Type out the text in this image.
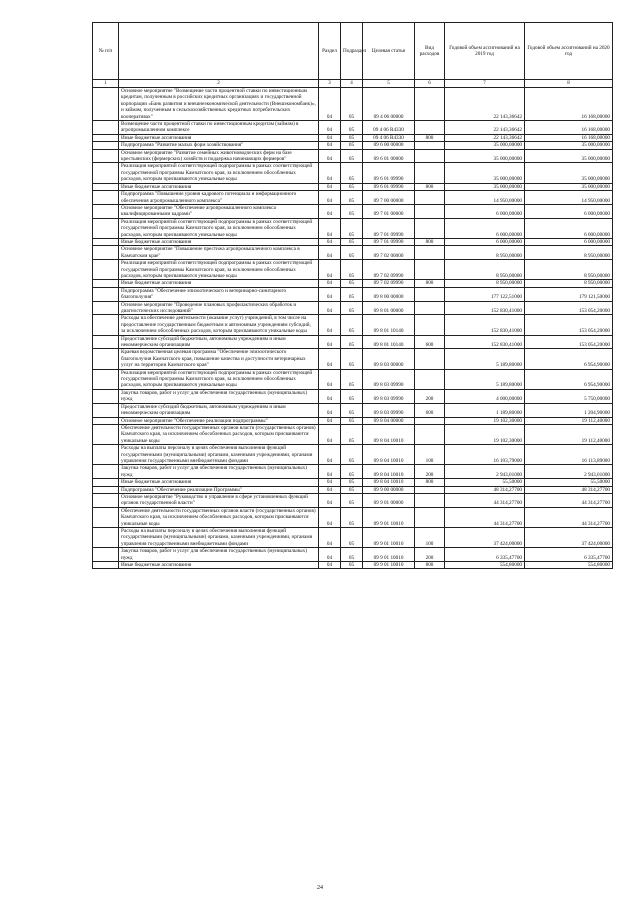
№ п/п		Раздел	Подраздел	Целевая статья	Вид расходов	Годовой объем ассигнований на 2019 год	Годовой объем ассигнований на 2020 год
1	2	3	4	5	6	7	8
	Основное мероприятие "Возмещение части процентной ставки по инвестиционным кредитам, полученным в российских кредитных организациях и государственной корпорации «Банк развития и внешнеэкономической деятельности (Внешэкономбанк)», и займам, полученным в сельскохозяйственных кредитных потребительских кооперативах"	04	05	09 4 06 00000		22 143,36642	16 168,00000
	Возмещение части процентной ставки по инвестиционным кредитам (займам) в агропромышленном комплексе	04	05	09 4 06 R4330		22 143,36642	16 168,00000
	Иные бюджетные ассигнования	04	05	09 4 06 R4330	800	22 143,36642	16 168,00000
	Подпрограмма "Развитие малых форм хозяйствования"	04	05	09 6 00 00000		35 000,00000	35 000,00000
	Основное мероприятие "Развитие семейных животноводческих ферм на базе крестьянских (фермерских) хозяйств и поддержка начинающих фермеров"	04	05	09 6 01 00000		35 000,00000	35 000,00000
	Реализация мероприятий соответствующей подпрограммы в рамках соответствующей государственной программы Камчатского края, за исключением обособленных расходов, которым присваиваются уникальные коды	04	05	09 6 01 09990		35 000,00000	35 000,00000
	Иные бюджетные ассигнования	04	05	09 6 01 09990	800	35 000,00000	35 000,00000
	Подпрограмма "Повышение уровня кадрового потенциала и информационного обеспечения агропромышленного комплекса"	04	05	09 7 00 00000		14 950,00000	14 950,00000
	Основное мероприятие "Обеспечение агропромышленного комплекса квалифицированными кадрами"	04	05	09 7 01 00000		6 000,00000	6 000,00000
	Реализация мероприятий соответствующей подпрограммы в рамках соответствующей государственной программы Камчатского края, за исключением обособленных расходов, которым присваиваются уникальные коды	04	05	09 7 01 09990		6 000,00000	6 000,00000
	Иные бюджетные ассигнования	04	05	09 7 01 09990	800	6 000,00000	6 000,00000
	Основное мероприятие "Повышение престижа агропромышленного комплекса в Камчатском крае"	04	05	09 7 02 00000		8 950,00000	8 950,00000
	Реализация мероприятий соответствующей подпрограммы в рамках соответствующей государственной программы Камчатского края, за исключением обособленных расходов, которым присваиваются уникальные коды	04	05	09 7 02 09990		8 950,00000	8 950,00000
	Иные бюджетные ассигнования	04	05	09 7 02 09990	800	8 950,00000	8 950,00000
	Подпрограмма "Обеспечение эпизоотического и ветеринарно-санитарного благополучия"	04	05	09 8 00 00000		177 122,51000	179 121,50000
	Основное мероприятие "Проведение плановых профилактических обработок и диагностических исследований"	04	05	09 8 01 00000		152 830,41000	153 054,20000
	Расходы на обеспечение деятельности (оказание услуг) учреждений, в том числе на предоставление государственным бюджетным и автономным учреждениям субсидий, за исключением обособленных расходов, которым присваиваются уникальные коды	04	05	09 8 01 10140		152 830,41000	153 054,20000
	Предоставление субсидий бюджетным, автономным учреждениям и иным некоммерческим организациям	04	05	09 8 01 10140	600	152 830,41000	153 054,20000
	Краевая ведомственная целевая программа "Обеспечение эпизоотического благополучия Камчатского края, повышение качества и доступности ветеринарных услуг на территории Камчатского края"	04	05	09 8 03 00000		5 189,80000	6 954,90000
	Реализация мероприятий соответствующей подпрограммы в рамках соответствующей государственной программы Камчатского края, за исключением обособленных расходов, которым присваиваются уникальные коды	04	05	09 8 03 09990		5 189,80000	6 954,90000
	Закупка товаров, работ и услуг для обеспечения государственных (муниципальных) нужд	04	05	09 8 03 09990	200	4 000,00000	5 750,00000
	Предоставление субсидий бюджетным, автономным учреждениям и иным некоммерческим организациям	04	05	09 8 03 09990	600	1 189,80000	1 204,90000
	Основное мероприятие "Обеспечение реализации подпрограммы"	04	05	09 8 04 00000		19 102,30000	19 112,40000
	Обеспечение деятельности государственных органов власти (государственных органов) Камчатского края, за исключением обособленных расходов, которым присваиваются уникальные коды	04	05	09 8 04 10010		19 102,30000	19 112,40000
	Расходы на выплаты персоналу в целях обеспечения выполнения функций государственными (муниципальными) органами, казенными учреждениями, органами управления государственными внебюджетными фондами	04	05	09 8 04 10010	100	16 103,79000	16 113,89000
	Закупка товаров, работ и услуг для обеспечения государственных (муниципальных) нужд	04	05	09 8 04 10010	200	2 943,01000	2 943,01000
	Иные бюджетные ассигнования	04	05	09 8 04 10010	800	55,50000	55,50000
	Подпрограмма "Обеспечение реализации Программы"	04	05	09 9 00 00000		48 314,27700	48 314,27700
	Основное мероприятие "Руководство и управление в сфере установленных функций органов государственной власти"	04	05	09 9 01 00000		44 314,27700	44 314,27700
	Обеспечение деятельности государственных органов власти (государственных органов) Камчатского края, за исключением обособленных расходов, которым присваиваются уникальные коды	04	05	09 9 01 10010		44 314,27700	44 314,27700
	Расходы на выплаты персоналу в целях обеспечения выполнения функций государственными (муниципальными) органами, казенными учреждениями, органами управления государственными внебюджетными фондами	04	05	09 9 01 10010	100	37 424,00000	37 424,00000
	Закупка товаров, работ и услуг для обеспечения государственных (муниципальных) нужд	04	05	09 9 01 10010	200	6 335,47700	6 335,47700
	Иные бюджетные ассигнования	04	05	09 9 01 10010	800	554,80000	554,80000
24
